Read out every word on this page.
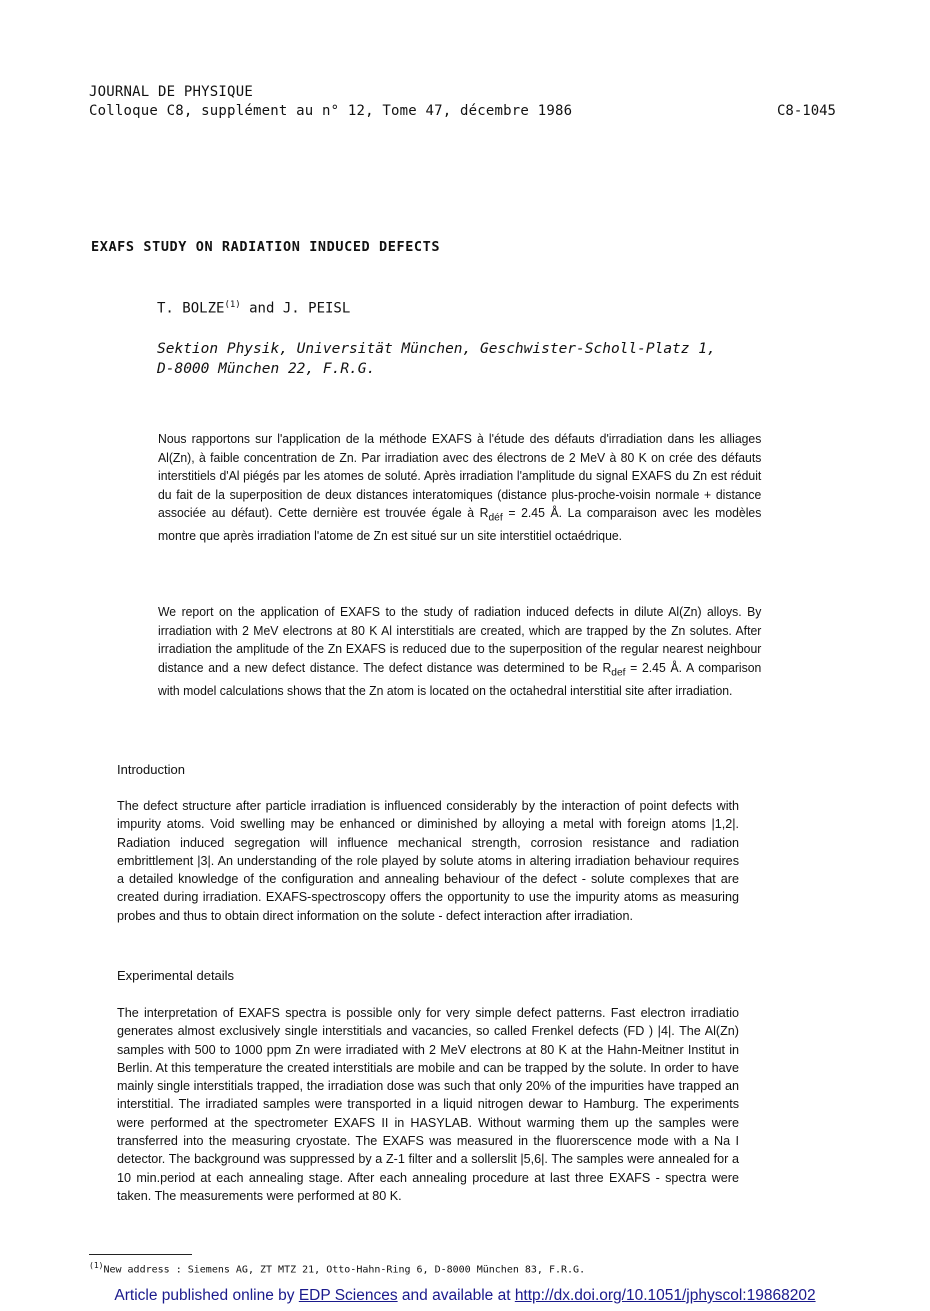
JOURNAL DE PHYSIQUE
Colloque C8, supplément au n° 12, Tome 47, décembre 1986	C8-1045
EXAFS STUDY ON RADIATION INDUCED DEFECTS
T. BOLZE$^{(1)}$ and J. PEISL
Sektion Physik, Universität München, Geschwister-Scholl-Platz 1,
D-8000 München 22, F.R.G.
Nous rapportons sur l'application de la méthode EXAFS à l'étude des défauts d'irradiation dans les alliages Al(Zn), à faible concentration de Zn. Par irradiation avec des électrons de 2 MeV à 80 K on crée des défauts interstitiels d'Al piégés par les atomes de soluté. Après irradiation l'amplitude du signal EXAFS du Zn est réduit du fait de la superposition de deux distances interatomiques (distance plus-proche-voisin normale + distance associée au défaut). Cette dernière est trouvée égale à $R_{déf} = 2.45$ Å. La comparaison avec les modèles montre que après irradiation l'atome de Zn est situé sur un site interstitiel octaédrique.
We report on the application of EXAFS to the study of radiation induced defects in dilute Al(Zn) alloys. By irradiation with 2 MeV electrons at 80 K Al interstitials are created, which are trapped by the Zn solutes. After irradiation the amplitude of the Zn EXAFS is reduced due to the superposition of the regular nearest neighbour distance and a new defect distance. The defect distance was determined to be $R_{def} = 2.45$ Å. A comparison with model calculations shows that the Zn atom is located on the octahedral interstitial site after irradiation.
Introduction
The defect structure after particle irradiation is influenced considerably by the interaction of point defects with impurity atoms. Void swelling may be enhanced or diminished by alloying a metal with foreign atoms |1,2|. Radiation induced segregation will influence mechanical strength, corrosion resistance and radiation embrittlement |3|. An understanding of the role played by solute atoms in altering irradiation behaviour requires a detailed knowledge of the configuration and annealing behaviour of the defect - solute complexes that are created during irradiation. EXAFS-spectroscopy offers the opportunity to use the impurity atoms as measuring probes and thus to obtain direct information on the solute - defect interaction after irradiation.
Experimental details
The interpretation of EXAFS spectra is possible only for very simple defect patterns. Fast electron irradiatio generates almost exclusively single interstitials and vacancies, so called Frenkel defects (FD ) |4|. The Al(Zn) samples with 500 to 1000 ppm Zn were irradiated with 2 MeV electrons at 80 K at the Hahn-Meitner Institut in Berlin. At this temperature the created interstitials are mobile and can be trapped by the solute. In order to have mainly single interstitials trapped, the irradiation dose was such that only 20% of the impurities have trapped an interstitial. The irradiated samples were transported in a liquid nitrogen dewar to Hamburg. The experiments were performed at the spectrometer EXAFS II in HASYLAB. Without warming them up the samples were transferred into the measuring cryostate. The EXAFS was measured in the fluorerscence mode with a Na I detector. The background was suppressed by a Z-1 filter and a sollerslit |5,6|. The samples were annealed for a 10 min.period at each annealing stage. After each annealing procedure at last three EXAFS - spectra were taken. The measurements were performed at 80 K.
$^{(1)}$New address : Siemens AG, ZT MTZ 21, Otto-Hahn-Ring 6, D-8000 München 83, F.R.G.
Article published online by EDP Sciences and available at http://dx.doi.org/10.1051/jphyscol:19868202
